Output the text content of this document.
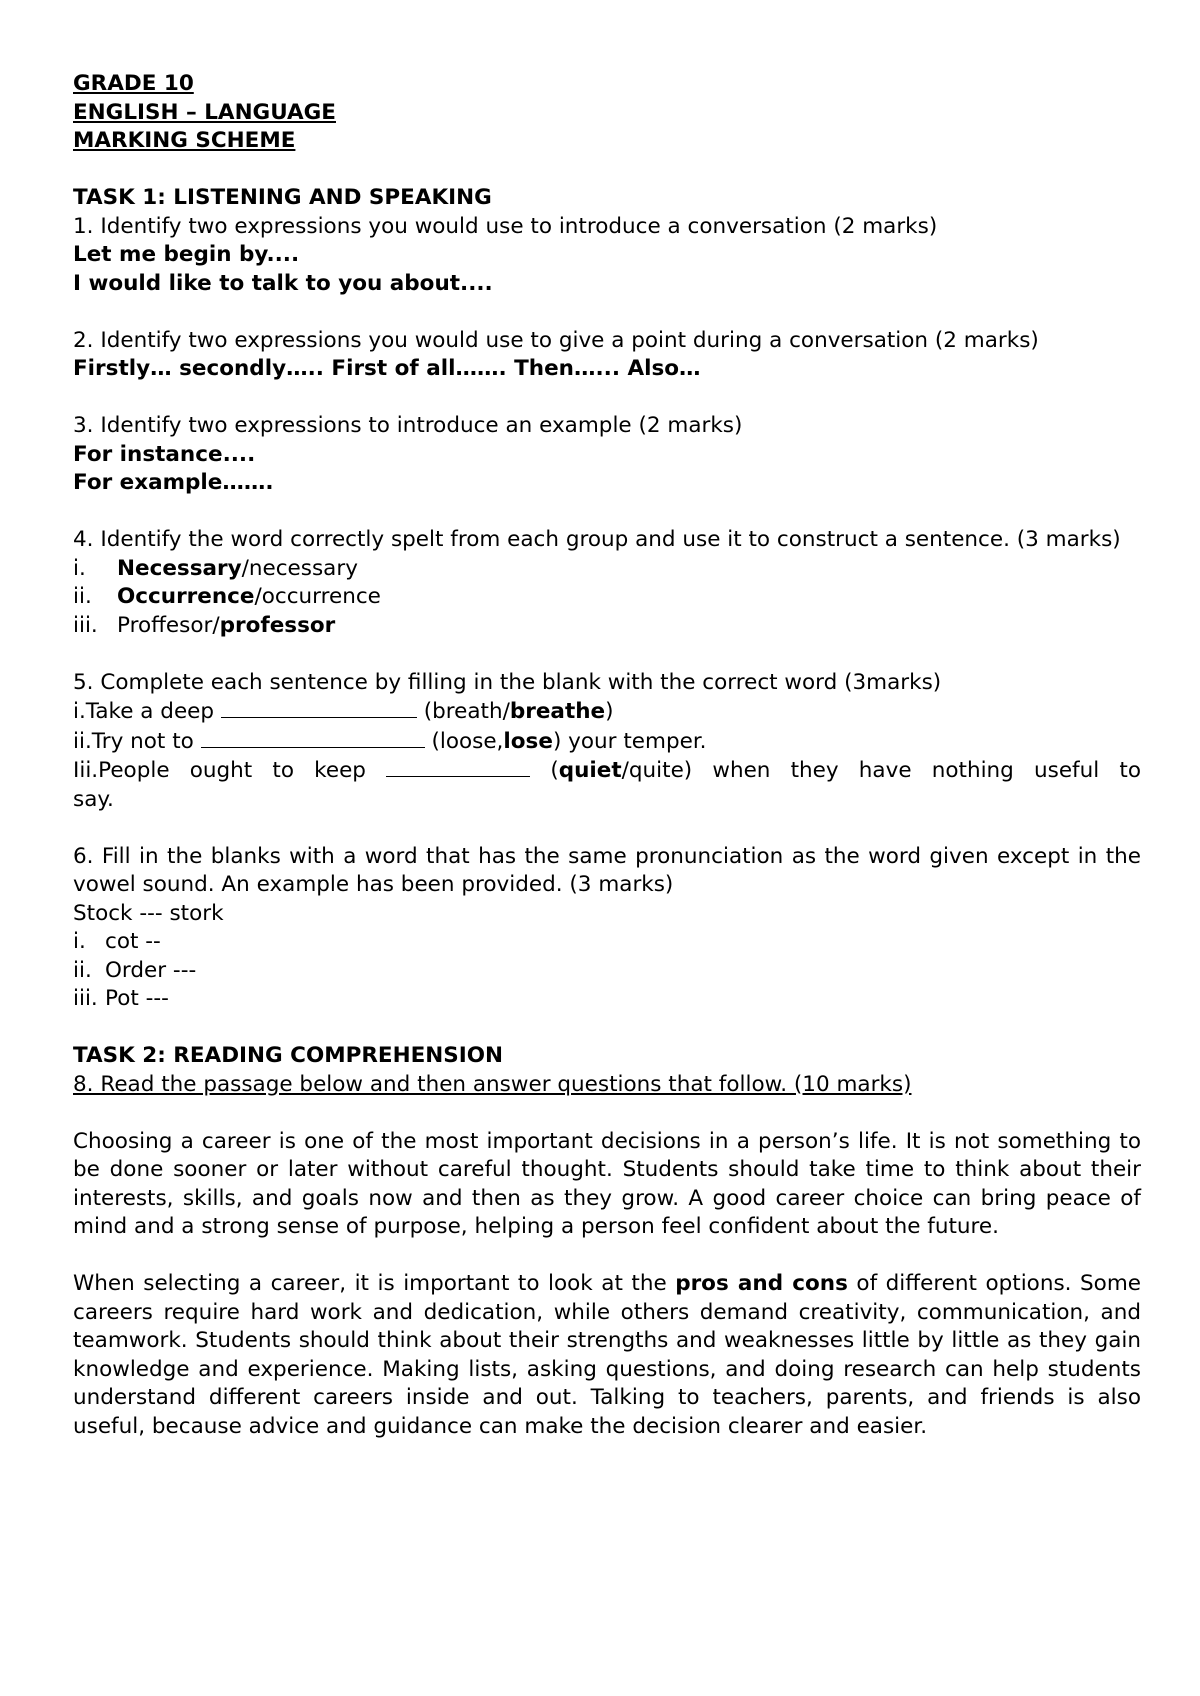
GRADE 10
ENGLISH – LANGUAGE
MARKING SCHEME
TASK 1: LISTENING AND SPEAKING
1. Identify two expressions you would use to introduce a conversation (2 marks)
Let me begin by....
I would like to talk to you about....
2. Identify two expressions you would use to give a point during a conversation (2 marks)
Firstly… secondly….. First of all……. Then…... Also…
3. Identify two expressions to introduce an example (2 marks)
For instance....
For example…….
4. Identify the word correctly spelt from each group and use it to construct a sentence. (3 marks)
i.	Necessary/necessary
ii.	Occurrence/occurrence
iii. Proffesor/professor
5. Complete each sentence by filling in the blank with the correct word (3marks)
i.Take a deep	(breath/breathe)
ii.Try not to	(loose,lose) your temper.
Iii.People ought to keep	(quiet/quite) when they have nothing useful to
say.
6. Fill in the blanks with a word that has the same pronunciation as the word given except in the vowel sound. An example has been provided. (3 marks)
Stock --- stork
i. cot --
ii. Order ---
iii. Pot ---
TASK 2: READING COMPREHENSION
8. Read the passage below and then answer questions that follow. (10 marks)

Choosing a career is one of the most important decisions in a person’s life. It is not something to be done sooner or later without careful thought. Students should take time to think about their interests, skills, and goals now and then as they grow. A good career choice can bring peace of mind and a strong sense of purpose, helping a person feel confident about the future.

When selecting a career, it is important to look at the pros and cons of different options. Some careers require hard work and dedication, while others demand creativity, communication, and teamwork. Students should think about their strengths and weaknesses little by little as they gain knowledge and experience. Making lists, asking questions, and doing research can help students understand different careers inside and out. Talking to teachers, parents, and friends is also useful, because advice and guidance can make the decision clearer and easier.
